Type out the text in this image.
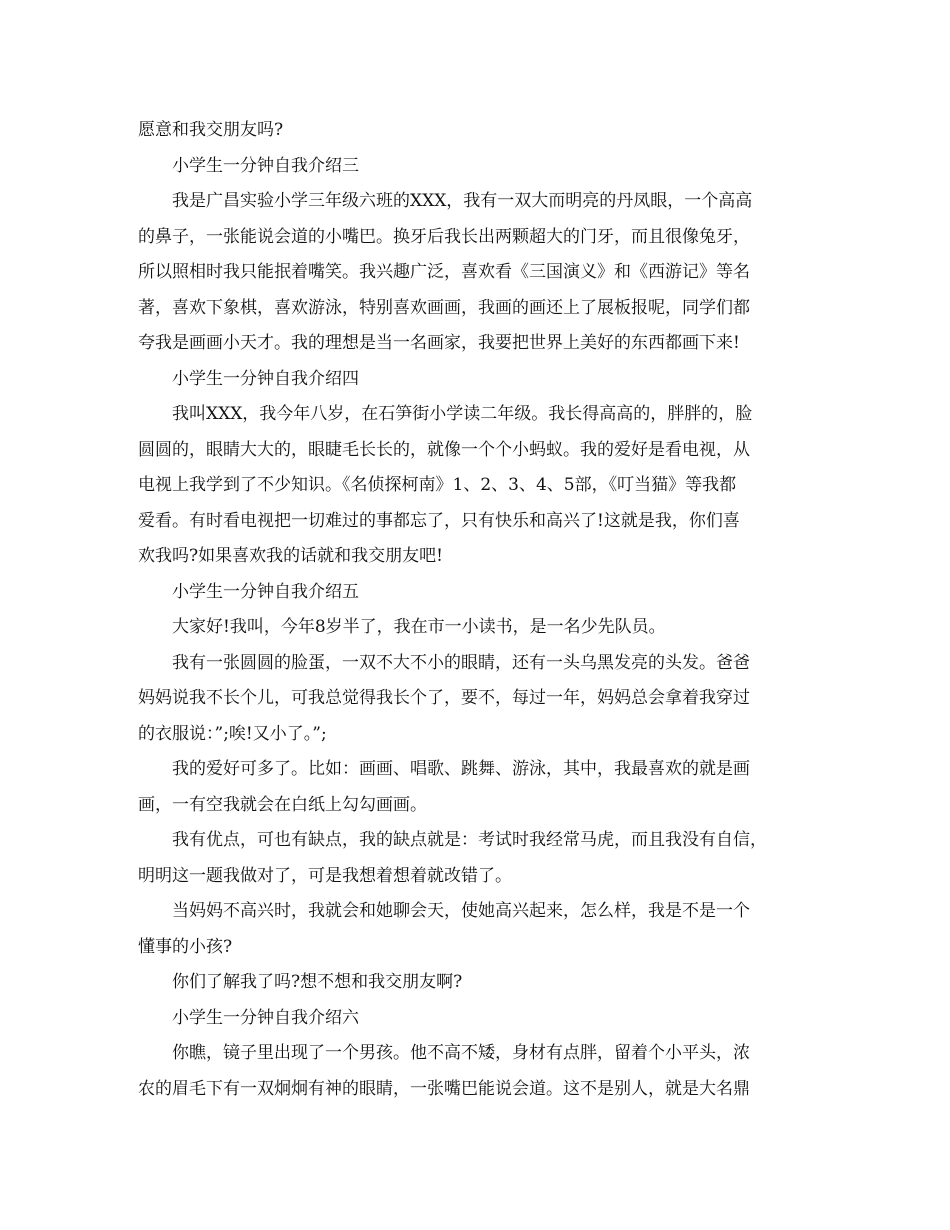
愿意和我交朋友吗?
小学生一分钟自我介绍三
我是广昌实验小学三年级六班的XXX，我有一双大而明亮的丹凤眼，一个高高
的鼻子，一张能说会道的小嘴巴。换牙后我长出两颗超大的门牙，而且很像兔牙，
所以照相时我只能抿着嘴笑。我兴趣广泛，喜欢看《三国演义》和《西游记》等名
著，喜欢下象棋，喜欢游泳，特别喜欢画画，我画的画还上了展板报呢，同学们都
夸我是画画小天才。我的理想是当一名画家，我要把世界上美好的东西都画下来!
小学生一分钟自我介绍四
我叫XXX，我今年八岁，在石笋街小学读二年级。我长得高高的，胖胖的，脸
圆圆的，眼睛大大的，眼睫毛长长的，就像一个个小蚂蚁。我的爱好是看电视，从
电视上我学到了不少知识。《名侦探柯南》1、2、3、4、5部，《叮当猫》等我都
爱看。有时看电视把一切难过的事都忘了，只有快乐和高兴了!这就是我，你们喜
欢我吗?如果喜欢我的话就和我交朋友吧!
小学生一分钟自我介绍五
大家好!我叫，今年8岁半了，我在市一小读书，是一名少先队员。
我有一张圆圆的脸蛋，一双不大不小的眼睛，还有一头乌黑发亮的头发。爸爸
妈妈说我不长个儿，可我总觉得我长个了，要不，每过一年，妈妈总会拿着我穿过
的衣服说：”;唉!又小了。”;
我的爱好可多了。比如：画画、唱歌、跳舞、游泳，其中，我最喜欢的就是画
画，一有空我就会在白纸上勾勾画画。
我有优点，可也有缺点，我的缺点就是：考试时我经常马虎，而且我没有自信，
明明这一题我做对了，可是我想着想着就改错了。
当妈妈不高兴时，我就会和她聊会天，使她高兴起来，怎么样，我是不是一个
懂事的小孩?
你们了解我了吗?想不想和我交朋友啊?
小学生一分钟自我介绍六
你瞧，镜子里出现了一个男孩。他不高不矮，身材有点胖，留着个小平头，浓
农的眉毛下有一双炯炯有神的眼睛，一张嘴巴能说会道。这不是别人，就是大名鼎
